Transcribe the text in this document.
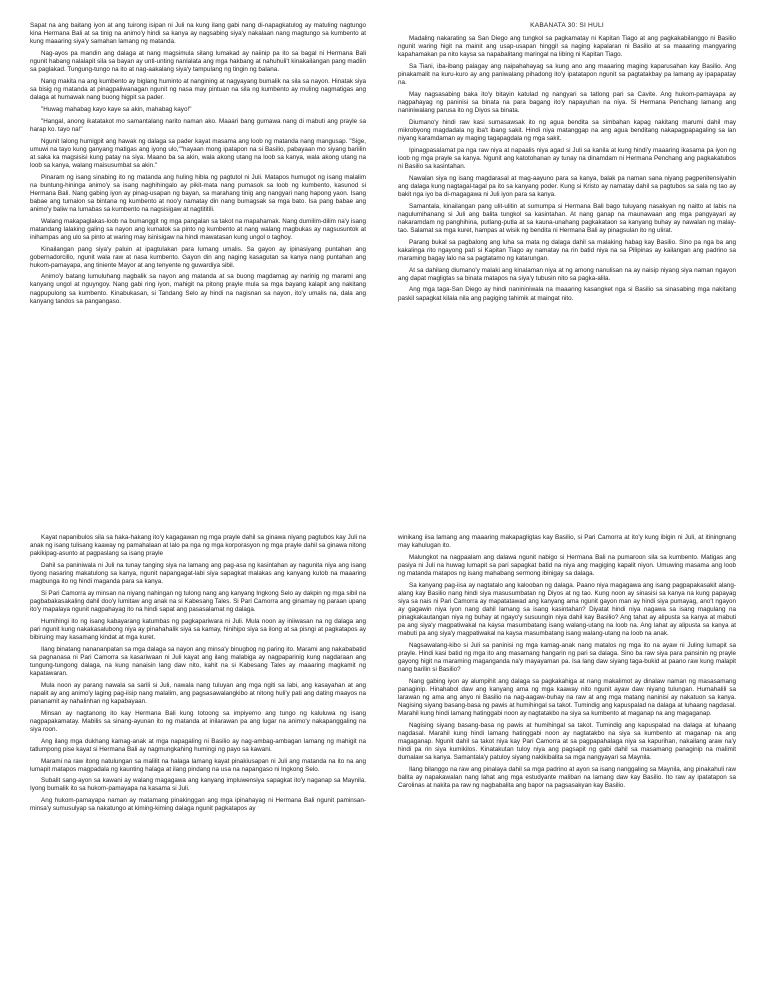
Sapat na ang baitang iyon at ang tuirong isipan ni Juli na kung ilang gabi nang di-napagkatulog ay matuling nagtungo kina Hermana Bali at sa tinig na animo'y hindi sa kanya ay nagsabing siya'y nakalaan nang magtungo sa kumbento at kung maaaring siya'y samahan lamang ng matanda.

Nag-ayos pa mandin ang dalaga at nang magsimula silang lumakad ay naiinip pa ito sa bagal ni Hermana Bali ngunit habang nalalapit sila sa bayan ay unti-unting nanlalata ang mga hakbang at nahuhuli't kinakailangan pang madiin sa paglakad. Tungung-tungo na ito at nag-aakalang siya'y tampulang ng tingin ng balana.

Nang makita na ang kumbento ay biglang huminto at nangining at nagyayang bumalik na sila sa nayon. Hinatak siya sa bisig ng matanda at pinagpaliwanagan ngunit ng nasa may pintuan na sila ng kumbento ay muling nagmatigas ang dalaga at humawak nang buong higpit sa pader.

"Huwag mahabag kayo kaye sa akin, mahabag kayo!"

"Hangal, anong ikatatakot mo samantalang narito naman ako. Maaari bang gumawa nang di mabuti ang prayle sa harap ko. tayo na!"

Ngunit lalong humigpit ang hawak ng dalaga sa pader kayat masama ang loob ng matanda nang mangusap. "Sige, umuwi na tayo kung ganyang matigas ang iyong ulo,""hayaan mong ipatapon na si Basilio, pabayaan mo siyang bariilin at saka ka magsisisi kung patay na siya. Maano ba sa akin, wala akong utang na loob sa kanya, wala akong utang na loob sa kanya, walang maisusumbat sa akin."

Pinaram ng isang sinabing ito ng matanda ang huling hibla ng pagtutol ni Juli. Matapos humugot ng isang malalim na buntung-hininga animo'y sa isang naghihingalo ay pikit-mata nang pumasok sa loob ng kumbento, kasunod si Hermana Bali. Nang gabing iyon ay pinag-usapan ng bayan, sa marahang tinig ang nangyari nang hapong yaon. Isang babae ang tumalon sa bintana ng kumbento at noo'y namatay din nang bumagsak sa mga bato. Isa pang babae ang animo'y baliw na lumabas sa kumbento na nagsisigaw at nagtititili.

Walang makapaglakas-loob na bumanggit ng mga pangalan sa takot na mapahamak. Nang dumilim-dilim na'y isang matandang lalaking galing sa nayon ang kumatok sa pinto ng kumbento at nang walang magbukas ay nagsusuntok at inihampas ang ulo sa pinto at waring may isinisigaw na hindi mawatasan kung ungol o taghoy.

Kinailangan pang siya'y paluin at ipagtulakan para lumang umalis. Sa gayon ay ipinasiyang puntahan ang gobernadorcillo, ngunit wala raw at nasa kumbento. Gayon din ang naging kasagutan sa kanya nang puntahan ang hukom-pamayapa, ang tiniente Mayor at ang tenyente ng guwardiya sibil.

Animo'y batang lumuluhang nagbalik sa nayon ang matanda at sa buong magdamag ay narinig ng marami ang kanyang ungol at nguyngoy. Nang gabi ring iyon, mahigit na pitong prayle mula sa mga bayang kalapit ang nakitang nagpupulong sa kumbento. Kinabukasan, si Tandang Selo ay hindi na nagisnan sa nayon, ito'y umalis na, dala ang kanyang tandos sa pangangaso.

KABANATA 30: SI HULI

Madaling nakarating sa San Diego ang tungkol sa pagkamatay ni Kapitan Tiago at ang pagkakabilanggo ni Basilio ngunit waring higit na mainit ang usap-usapan hinggil sa naging kapalaran ni Basilio at sa maaaring mangyaring kapahamakan pa nito kaysa sa napabalitang maringal na libing ni Kapitan Tiago.

Sa Tiani, iba-ibang palagay ang naipahahayag sa kung ano ang maaaring maging kaparusahan kay Basilio. Ang pinakamalit na kuru-kuro ay ang paniwalang pihadong ito'y ipatatapon ngunit sa pagtatakbay pa lamang ay ipapapatay na.

May nagsasabing baka ito'y bitayin katulad ng nangyari sa tatlong pari sa Cavite. Ang hukom-pamayapa ay nagpahayag ng paninisi sa binata na para bagang ito'y napayuhan na niya. Si Hermana Penchang lamang ang naniniwalang parusa ito ng Diyos sa binata.

Diumano'y hindi raw kasi sumasawsak ito ng agua bendita sa simbahan kapag nakitang marumi dahil may mikrobyong magdadala ng iba't ibang sakit. Hindi niya matanggap na ang agua benditang nakapagpapagaling sa lan niyang karamdaman ay maging tagapagdala ng mga sakit.

Ipinagpasalamat pa nga raw niya at napaalis niya agad si Juli sa kanila at kung hindi'y maaaring ikasama pa iyon ng loob ng mga prayle sa kanya. Ngunit ang katotohanan ay tunay na dinamdam ni Hermana Penchang ang pagkakatubos ni Basilio sa kasintahan.

Nawalan siya ng isang magdarasal at mag-aayuno para sa kanya, balak pa naman sana niyang pagpenitensiyahin ang dalaga kung nagtagal-tagal pa ito sa kanyang poder. Kung si Kristo ay namatay dahil sa pagtubos sa sala ng tao ay bakit nga iyo ba di-magagawa ni Juli iyon para sa kanya.

Samantala, kinailangan pang ulit-ulitin at sumumpa si Hermana Bali bago tuluyang nasakyan ng naitto at labis na nagulumihanang si Juli ang balita tungkol sa kasintahan. At nang ganap na maunawaan ang mga pangyayari ay nakaramdam ng panghihina, putlang-putla at sa kauna-unahang pagkakataon sa kanyang buhay ay nawalan ng malay-tao. Salamat sa mga kuret, hampas at wisik ng bendita ni Hermana Bali ay pinagsulan ito ng ulirat.

Parang bukal sa pagbalong ang luha sa mata ng dalaga dahil sa malaking habag kay Basilio. Sino pa nga ba ang kakalinga rito ngayong patì si Kapitan Tiago ay namatay na rin batid niya na sa Pilipinas ay kailangan ang padrino sa maraming bagay lalo na sa pagtatamo ng katarungan.

At sa dahilang diumano'y malaki ang kinalaman niya at ng among nanulisan na ay naisip niyang siya naman ngayon ang dapat magligtas sa binata matapos na siya'y tubusin nito sa pagka-alila.

Ang mga taga-San Diego ay hindi nanininiwala na maaaring kasangket nga si Basilio sa sinasabing mga nakitang paskil sapagkat kilala nila ang pagiging tahimik at maingat nito.

Kayat napanibulos sila sa haka-hakang ito'y kagagawan ng mga prayle dahil sa ginawa niyang pagtubos kay Juli na anak ng isang tulisang kaaway ng pamahalaan at lalo pa nga ng mga korporasyon ng mga prayle dahil sa ginawa nitong pakikipag-asunto at pagpaslang sa isang prayle

Dahil sa paniniwala ni Juli na tunay tanging siya na lamang ang pag-asa ng kasintahan ay nagunita niya ang isang tiyong nasaring makatulong sa kanya, ngunit napangagat-labi siya sapagkat malakas ang kanyang kutob na maaaring magbunga ito ng hindi maganda para sa kanya.

Si Pari Camorra ay minsan na niyang nahingan ng tulong nang ang kanyang Ingkong Selo ay dakpin ng mga sibil na pagbabakasakaling dahil doo'y lumitaw ang anak na si Kabesang Tales. Si Pari Camorra ang ginamay ng paraan upang ito'y mapalaya ngunit nagpahayag ito na hindi sapat ang pasasalamat ng dalaga.

Humihingi ito ng isang kabayarang katumbas ng pagkapariwara ni Juli. Mula noon ay iniiwasan na ng dalaga ang pari ngunit kung nakakasalubong niya ay pinahahalik siya sa kamay, hinihipo siya sa ilong at sa pisngi at pagkatapos ay bibiruing may kasamang kindat at mga kuret.

Ilang binatang nanananpatan sa mga dalaga sa nayon ang minsa'y binugbog ng paring ito. Marami ang nakababatid sa pagnanasa ni Pari Camorra sa kasariwaan ni Juli kayat ang ilang malabiga ay nagpaparinig kung nagdaraan ang tungung-tungong dalaga, na kung nanaisin lang daw nito, kahit na si Kabesang Tales ay maaaring magkamit ng kapatawaran.

Mula noon ay parang nawala sa sarili si Juli, nawala nang tuluyan ang mga ngiti sa labi, ang kasayahan at ang napalit ay ang animo'y laging pag-iisip nang malalim, ang pagsasawalangkibo at nitong huli'y pati ang dating maayos na pananamit ay nahalinhan ng kapabayaan.

Minsan ay nagtanong ito kay Hermana Bali kung totoong sa impiyerno ang tungo ng kaluluwa ng isang nagpapakamatay. Mabilis sa sinang-ayunan ito ng matanda at inilarawan pa ang lugar na animo'y nakapanggaling na siya roon.

Ang ilang mga dukhang kamag-anak at mga napagaling ni Basilio ay nag-ambag-ambagan lamang ng mahigit na tatlumpong pise kayat si Hermana Bali ay nagmungkahing humingi ng payo sa kawani.

Marami na raw itong natulungan sa malilit na halaga lamang kayat pinakiusapan ni Juli ang matanda na ito na ang lumapit matapos magpadala ng kaunting halaga at ilang pindang na usa na napangaso ni Ingkong Selo.

Subalit sang-ayon sa kawani ay walang magagawa ang kanyang impluwensiya sapagkat ito'y naganap sa Maynila. Iyong bumalik ito sa hukom-pamayapa na kasama si Juli.

Ang hukom-pamayapa naman ay matamang pinakinggan ang mga ipinahayag ni Hermana Bali ngunit paminsan-minsa'y sumusulyap sa nakatungo at kiming-kiming dalaga ngunit pagkatapos ay

winikang iisa lamang ang maaaring makapagligtas kay Basilio, si Pari Camorra at ito'y kung ibigin ni Juli, at itiningnang may kahulugan ito.

Malungkot na nagpaalam ang dalawa ngunit nabigo si Hermana Bali na pumaroon sila sa kumbento. Matigas ang pasiya ni Juli na huwag lumapit sa pari sapagkat batid na niya ang magiging kapalit niyon. Umuwing masama ang loob ng matanda matapos ng isang mahabang sermong ibinigay sa dalaga.

Sa kanyang pag-iisa ay nagtatalo ang kalooban ng dalaga. Paano niya magagawa ang isang pagpapakasakit alang-alang kay Basilio nang hindi siya masusumbatan ng Diyos at ng tao. Kung noon ay sinasisi sa kanya na kung papayag siya sa nais ni Pari Camorra ay mapatatawad ang kanyang ama ngunit gayon man ay hindi siya pumayag, ano't ngayon ay gagawin niya iyon nang dahil lamang sa isang kasintahan? Diyatat hindi niya nagawa sa isang magulang na pinagkakautangan niya ng buhay at ngayo'y susuungin niya dahil kay Basilio? Ang tahat ay alipusta sa kanya at mabuti pa ang siya'y magpatiwakal na kaysa masumbatang isang walang-utang na loob na. Ang lahat ay alipusta sa kanya at mabuti pa ang siya'y magpatiwakal na kaysa masumbatang isang walang-utang na loob na anak.

Nagsawalang-kibo si Juli sa paninisi ng mga kamag-anak nang matalos ng mga ito na ayaw ni Juling lumapit sa prayle. Hindi kasi batid ng mga ito ang masamang hangarin ng pari sa dalaga. Sino ba raw siya para pansinin ng prayle gayong higit na maraming maganganda na'y mayayaman pa. Isa lang daw siyang taga-bukid at paano raw kung malapit nang barilin si Basilio?

Nang gabing iyon ay alumpihit ang dalaga sa pagkakahiga at nang makalimot ay dinalaw naman ng masasamang panaginip. Hinahabol daw ang kanyang ama ng mga kaaway nito ngunit ayaw daw niyang tulungan. Humahalili sa larawan ng ama ang anyo ni Basilio na nag-aagaw-buhay na raw at ang mga matang naninisi ay nakatuon sa kanya. Nagising siyang basang-basa ng pawis at humihingal sa takot. Tumindig ang kapuspalad na dalaga at luhaang nagdasal. Marahil kung hindi lamang hatinggabi noon ay nagtatakbo na siya sa kumbento at maganap na ang magaganap.

Nagising siyang basang-basa ng pawis at humihingal sa takot. Tumindig ang kapuspalad na dalaga at luhaang nagdasal. Marahil kung hindi lamang hatinggabi noon ay nagtatakbo na siya sa kumbento at maganap na ang magaganap. Ngunit dahil sa takot niya kay Pari Camorra at sa pagpapahalaga niya sa kapurihan, nakailang araw na'y hindi pa rin siya kumikilos. Kinatakutan tuloy niya ang pagsapit ng gabi dahil sa masamang panaginip na malimit dumalaw sa kanya. Samantala'y patuloy siyang nakikibalita sa mga nangyayari sa Maynila.

Ilang bilanggo na raw ang pinalaya dahil sa mga padrino at ayon sa isang nanggaling sa Maynila, ang pinakahuli raw balita ay napakawalan nang lahat ang mga estudyante maliban na lamang daw kay Basilio. Ito raw ay ipatatapon sa Carolinas at nakita pa raw ng nagbabalita ang bapor na pagsasakyan kay Basilio.
